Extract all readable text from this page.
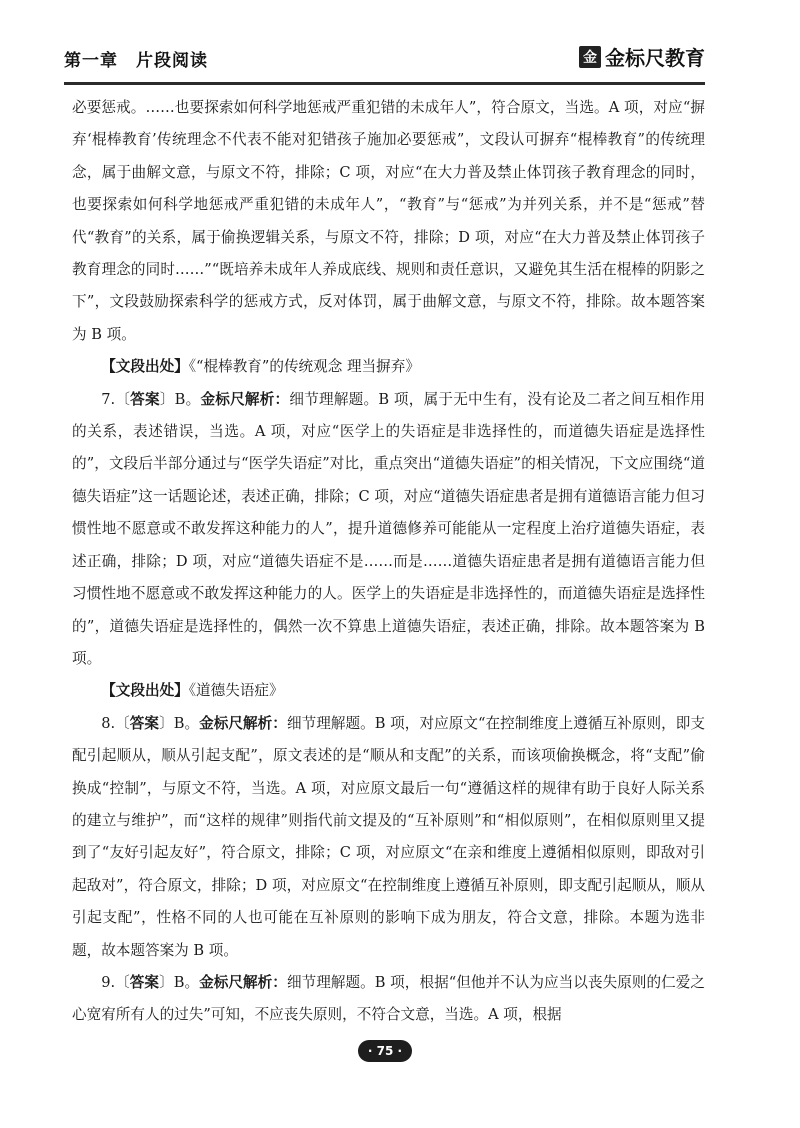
第一章　片段阅读	金 金标尺教育

必要惩戒。……也要探索如何科学地惩戒严重犯错的未成年人”，符合原文，当选。A 项，对应“摒弃‘棍棒教育’传统理念不代表不能对犯错孩子施加必要惩戒”，文段认可摒弃“棍棒教育”的传统理念，属于曲解文意，与原文不符，排除；C 项，对应“在大力普及禁止体罚孩子教育理念的同时，也要探索如何科学地惩戒严重犯错的未成年人”，“教育”与“惩戒”为并列关系，并不是“惩戒”替代“教育”的关系，属于偷换逻辑关系，与原文不符，排除；D 项，对应“在大力普及禁止体罚孩子教育理念的同时……”“既培养未成年人养成底线、规则和责任意识，又避免其生活在棍棒的阴影之下”，文段鼓励探索科学的惩戒方式，反对体罚，属于曲解文意，与原文不符，排除。故本题答案为 B 项。

【文段出处】《“棍棒教育”的传统观念 理当摒弃》

7.〔答案〕B。金标尺解析：细节理解题。B 项，属于无中生有，没有论及二者之间互相作用的关系，表述错误，当选。A 项，对应“医学上的失语症是非选择性的，而道德失语症是选择性的”，文段后半部分通过与“医学失语症”对比，重点突出“道德失语症”的相关情况，下文应围绕“道德失语症”这一话题论述，表述正确，排除；C 项，对应“道德失语症患者是拥有道德语言能力但习惯性地不愿意或不敢发挥这种能力的人”，提升道德修养可能能从一定程度上治疗道德失语症，表述正确，排除；D 项，对应“道德失语症不是……而是……道德失语症患者是拥有道德语言能力但习惯性地不愿意或不敢发挥这种能力的人。医学上的失语症是非选择性的，而道德失语症是选择性的”，道德失语症是选择性的，偶然一次不算患上道德失语症，表述正确，排除。故本题答案为 B 项。

【文段出处】《道德失语症》

8.〔答案〕B。金标尺解析：细节理解题。B 项，对应原文“在控制维度上遵循互补原则，即支配引起顺从，顺从引起支配”，原文表述的是“顺从和支配”的关系，而该项偷换概念，将“支配”偷换成“控制”，与原文不符，当选。A 项，对应原文最后一句“遵循这样的规律有助于良好人际关系的建立与维护”，而“这样的规律”则指代前文提及的“互补原则”和“相似原则”，在相似原则里又提到了“友好引起友好”，符合原文，排除；C 项，对应原文“在亲和维度上遵循相似原则，即敌对引起敌对”，符合原文，排除；D 项，对应原文“在控制维度上遵循互补原则，即支配引起顺从，顺从引起支配”，性格不同的人也可能在互补原则的影响下成为朋友，符合文意，排除。本题为选非题，故本题答案为 B 项。

9.〔答案〕B。金标尺解析：细节理解题。B 项，根据“但他并不认为应当以丧失原则的仁爱之心宽宥所有人的过失”可知，不应丧失原则，不符合文意，当选。A 项，根据

· 75 ·
